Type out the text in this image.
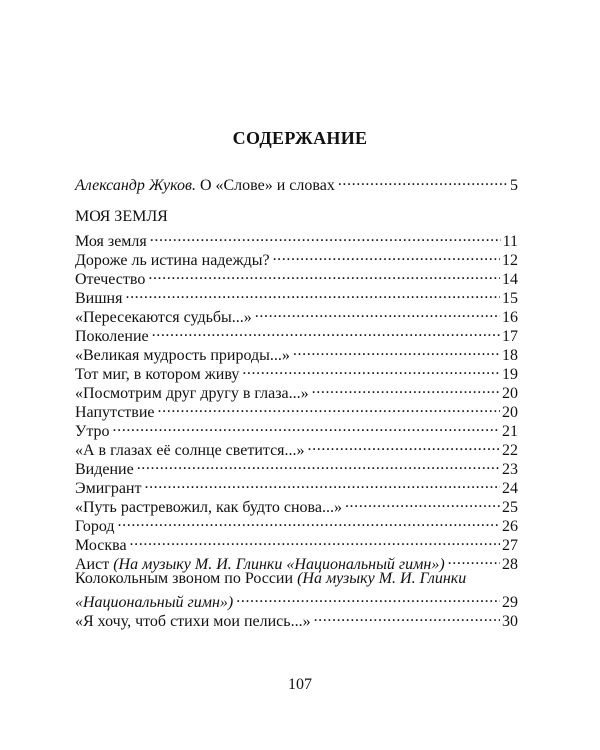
СОДЕРЖАНИЕ
Александр Жуков. О «Слове» и словах .....	5
МОЯ ЗЕМЛЯ
Моя земля .....	11
Дороже ль истина надежды? .....	12
Отечество .....	14
Вишня .....	15
«Пересекаются судьбы...» .....	16
Поколение .....	17
«Великая мудрость природы...» .....	18
Тот миг, в котором живу .....	19
«Посмотрим друг другу в глаза...» .....	20
Напутствие .....	20
Утро .....	21
«А в глазах её солнце светится...» .....	22
Видение .....	23
Эмигрант .....	24
«Путь растревожил, как будто снова...» .....	25
Город .....	26
Москва .....	27
Аист (На музыку М. И. Глинки «Национальный гимн») .....	28
Колокольным звоном по России (На музыку М. И. Глинки
«Национальный гимн») .....	29
«Я хочу, чтоб стихи мои пелись...» .....	30
107
